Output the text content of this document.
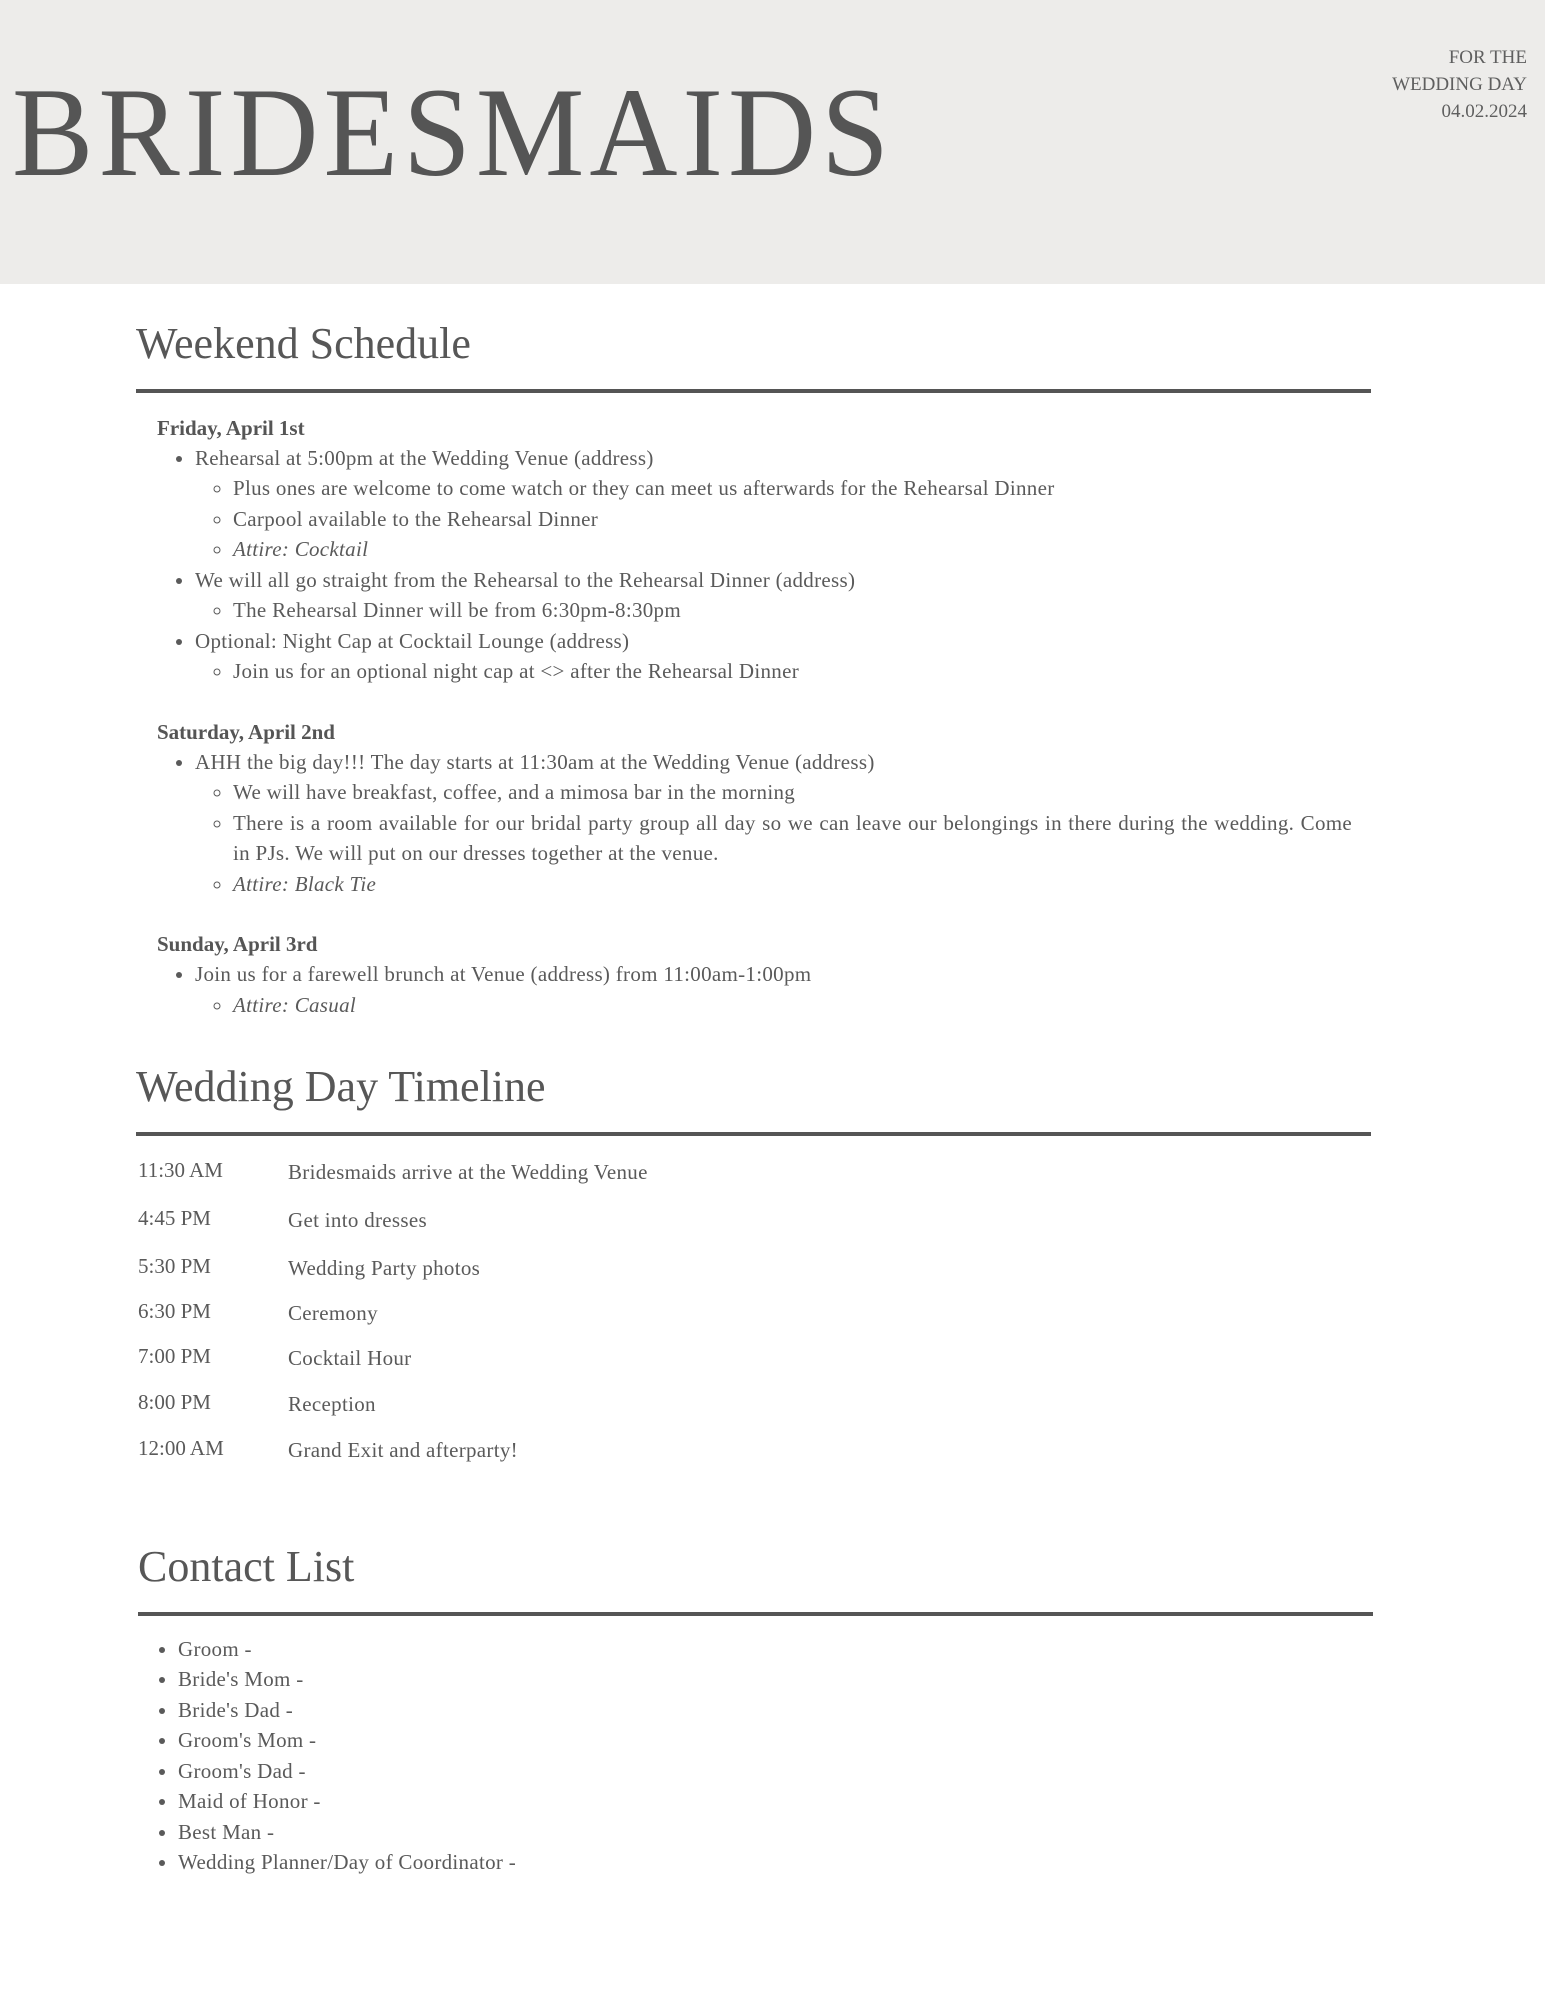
BRIDESMAIDS
FOR THE
WEDDING DAY
04.02.2024
Weekend Schedule
Friday, April 1st
• Rehearsal at 5:00pm at the Wedding Venue (address)
◦ Plus ones are welcome to come watch or they can meet us afterwards for the Rehearsal Dinner
◦ Carpool available to the Rehearsal Dinner
◦ Attire: Cocktail
• We will all go straight from the Rehearsal to the Rehearsal Dinner (address)
◦ The Rehearsal Dinner will be from 6:30pm-8:30pm
• Optional: Night Cap at Cocktail Lounge (address)
◦ Join us for an optional night cap at <> after the Rehearsal Dinner
Saturday, April 2nd
• AHH the big day!!! The day starts at 11:30am at the Wedding Venue (address)
◦ We will have breakfast, coffee, and a mimosa bar in the morning
◦ There is a room available for our bridal party group all day so we can leave our belongings in there during the wedding. Come in PJs. We will put on our dresses together at the venue.
◦ Attire: Black Tie
Sunday, April 3rd
• Join us for a farewell brunch at Venue (address) from 11:00am-1:00pm
◦ Attire: Casual
Wedding Day Timeline
11:30 AM	Bridesmaids arrive at the Wedding Venue
4:45 PM	Get into dresses
5:30 PM	Wedding Party photos
6:30 PM	Ceremony
7:00 PM	Cocktail Hour
8:00 PM	Reception
12:00 AM	Grand Exit and afterparty!
Contact List
• Groom -
• Bride's Mom -
• Bride's Dad -
• Groom's Mom -
• Groom's Dad -
• Maid of Honor -
• Best Man -
• Wedding Planner/Day of Coordinator -
